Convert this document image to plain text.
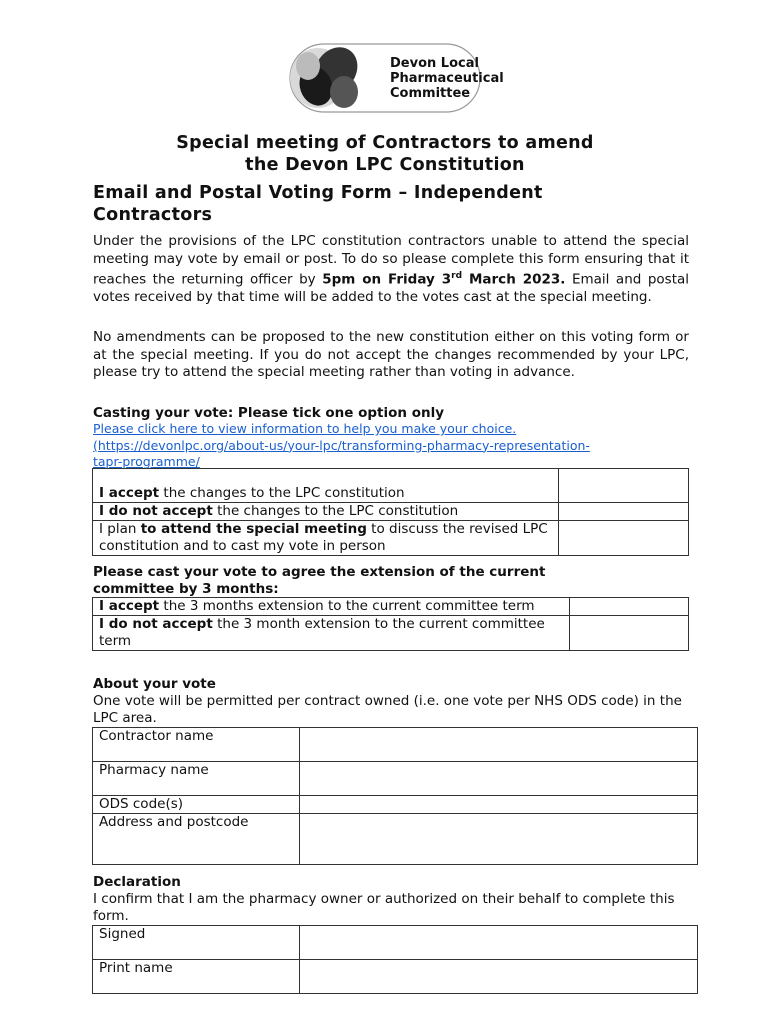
Devon Local
Pharmaceutical
Committee
Special meeting of Contractors to amend
the Devon LPC Constitution
Email and Postal Voting Form – Independent
Contractors
Under the provisions of the LPC constitution contractors unable to attend the special meeting may vote by email or post. To do so please complete this form ensuring that it reaches the returning officer by 5pm on Friday 3rd March 2023. Email and postal votes received by that time will be added to the votes cast at the special meeting.
No amendments can be proposed to the new constitution either on this voting form or at the special meeting. If you do not accept the changes recommended by your LPC, please try to attend the special meeting rather than voting in advance.
Casting your vote: Please tick one option only
Please click here to view information to help you make your choice.
(https://devonlpc.org/about-us/your-lpc/transforming-pharmacy-representation-
tapr-programme/
I accept the changes to the LPC constitution	
I do not accept the changes to the LPC constitution	
I plan to attend the special meeting to discuss the revised LPC constitution and to cast my vote in person	
Please cast your vote to agree the extension of the current
committee by 3 months:
I accept the 3 months extension to the current committee term	
I do not accept the 3 month extension to the current committee term	
About your vote
One vote will be permitted per contract owned (i.e. one vote per NHS ODS code) in the LPC area.
Contractor name	
Pharmacy name	
ODS code(s)	
Address and postcode	
Declaration
I confirm that I am the pharmacy owner or authorized on their behalf to complete this form.
Signed	
Print name	
